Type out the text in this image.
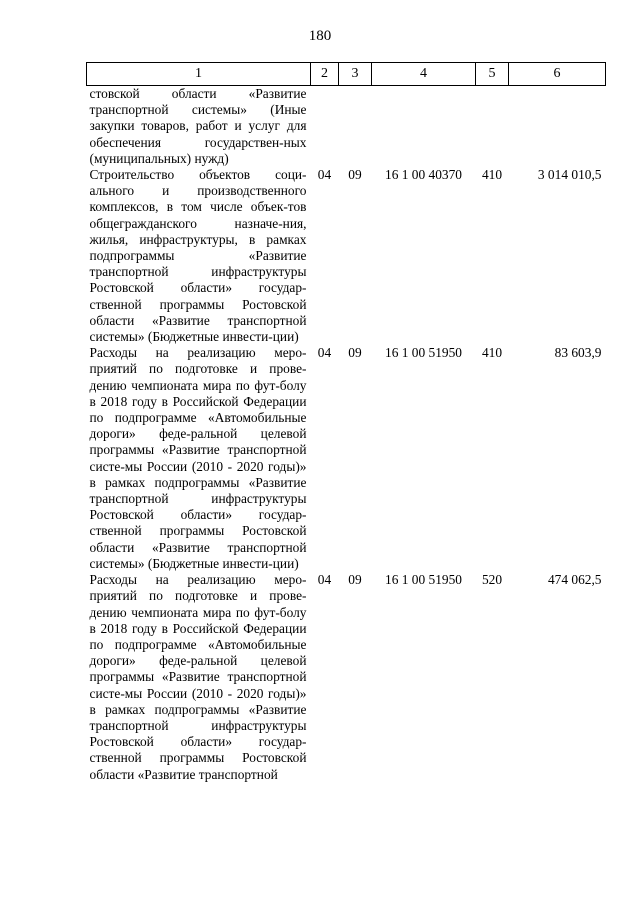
180
1	2	3	4	5	6
стовской области «Развитие транспортной системы» (Иные закупки товаров, работ и услуг для обеспечения государствен-ных (муниципальных) нужд)					
Строительство объектов соци-ального и производственного комплексов, в том числе объек-тов общегражданского назначе-ния, жилья, инфраструктуры, в рамках подпрограммы «Развитие транспортной инфраструктуры Ростовской области» государ-ственной программы Ростовской области «Развитие транспортной системы» (Бюджетные инвести-ции)	04	09	16 1 00 40370	410	3 014 010,5
Расходы на реализацию меро-приятий по подготовке и прове-дению чемпионата мира по фут-болу в 2018 году в Российской Федерации по подпрограмме «Автомобильные дороги» феде-ральной целевой программы «Развитие транспортной систе-мы России (2010 - 2020 годы)» в рамках подпрограммы «Развитие транспортной инфраструктуры Ростовской области» государ-ственной программы Ростовской области «Развитие транспортной системы» (Бюджетные инвести-ции)	04	09	16 1 00 51950	410	83 603,9
Расходы на реализацию меро-приятий по подготовке и прове-дению чемпионата мира по фут-болу в 2018 году в Российской Федерации по подпрограмме «Автомобильные дороги» феде-ральной целевой программы «Развитие транспортной систе-мы России (2010 - 2020 годы)» в рамках подпрограммы «Развитие транспортной инфраструктуры Ростовской области» государ-ственной программы Ростовской области «Развитие транспортной	04	09	16 1 00 51950	520	474 062,5
